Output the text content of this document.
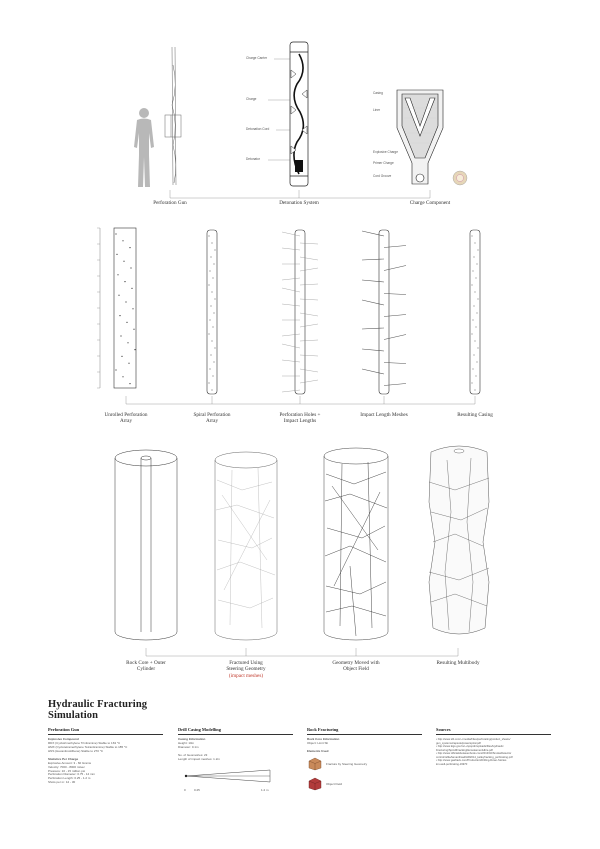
Charge Carrier
Charge
Detonation Cord
Detonator
Casing
Liner
Explosive Charge
Primer Charge
Cord Groove
Perforation Gun	Detonation System	Charge Component
Unrolled Perforation
Array
Spiral Perforation
Array
Perforation Holes +
Impact Lengths
Impact Length Meshes	Resulting Casing
Rock Core + Outer
Cylinder
Fractured Using
Steering Geometry
(impact meshes)
Geometry Moved with
Object Field
Resulting Multibody
Hydraulic Fracturing
Simulation
Perforation Gun
Explosive Compound
RDX (Cyclotrimethylene Trinitramine) Stable to 163 °C
HMX (Cyclotetramethylene Tetranitramine) Stable to 185 °C
HNS (Hexanitrostilbene) Stable to 270 °C
Statistics Per Charge
Explosive Amount: 3 - 60 Grams
Velocity: 7000 - 8000 m/sec
Pressure: 10 - 15 million psi
Perforation Diameter: 0.75 - 14 mm
Perforation Length: 0.25 - 1.2 m
Shots per m: 12 - 30
Drill Casing Modelling
Casing Information
Height: 10m
Diameter: 0.1m
No. of Geometries: 23
Length of impact meshes: 1.2m
0	0.25	1.2 m
Rock Fracturing
Rock Core Information
Object: Limit Sb
Elements Used
Fracture by Steering Geometry
Object Field
Sources
• http://www.slb.com/~/media/Files/perforating/product_sheets/
gun_systems/capsule/powerspiral.pdf
• http://www.kigs.gov.hu/~/spspdn/uploads/files/Hydraulic
Fracturing/SpindlFrackingDemekamentHbre.pdf
• http://www.officialsbetweenbook.com/2013/02/SmokeDetector
control/refile/lamanthsad/HR2014_kelleyfracking_perforating.pdf
• http://www.gasfrack.com/Production/Drilling-Down-Stories
km-well-perforating-19970
